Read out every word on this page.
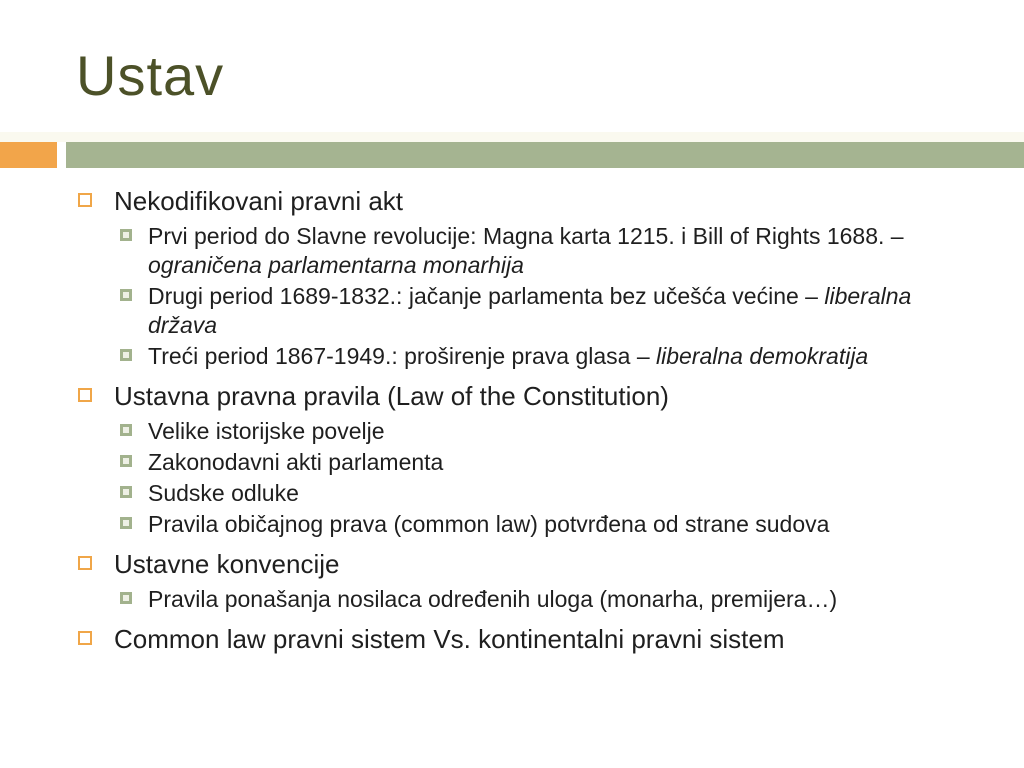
Ustav
Nekodifikovani pravni akt
Prvi period do Slavne revolucije: Magna karta 1215. i Bill of Rights 1688. – ograničena parlamentarna monarhija
Drugi period 1689-1832.: jačanje parlamenta bez učešća većine – liberalna država
Treći period 1867-1949.: proširenje prava glasa – liberalna demokratija
Ustavna pravna pravila (Law of the Constitution)
Velike istorijske povelje
Zakonodavni akti parlamenta
Sudske odluke
Pravila običajnog prava (common law) potvrđena od strane sudova
Ustavne konvencije
Pravila ponašanja nosilaca određenih uloga (monarha, premijera…)
Common law pravni sistem Vs. kontinentalni pravni sistem
